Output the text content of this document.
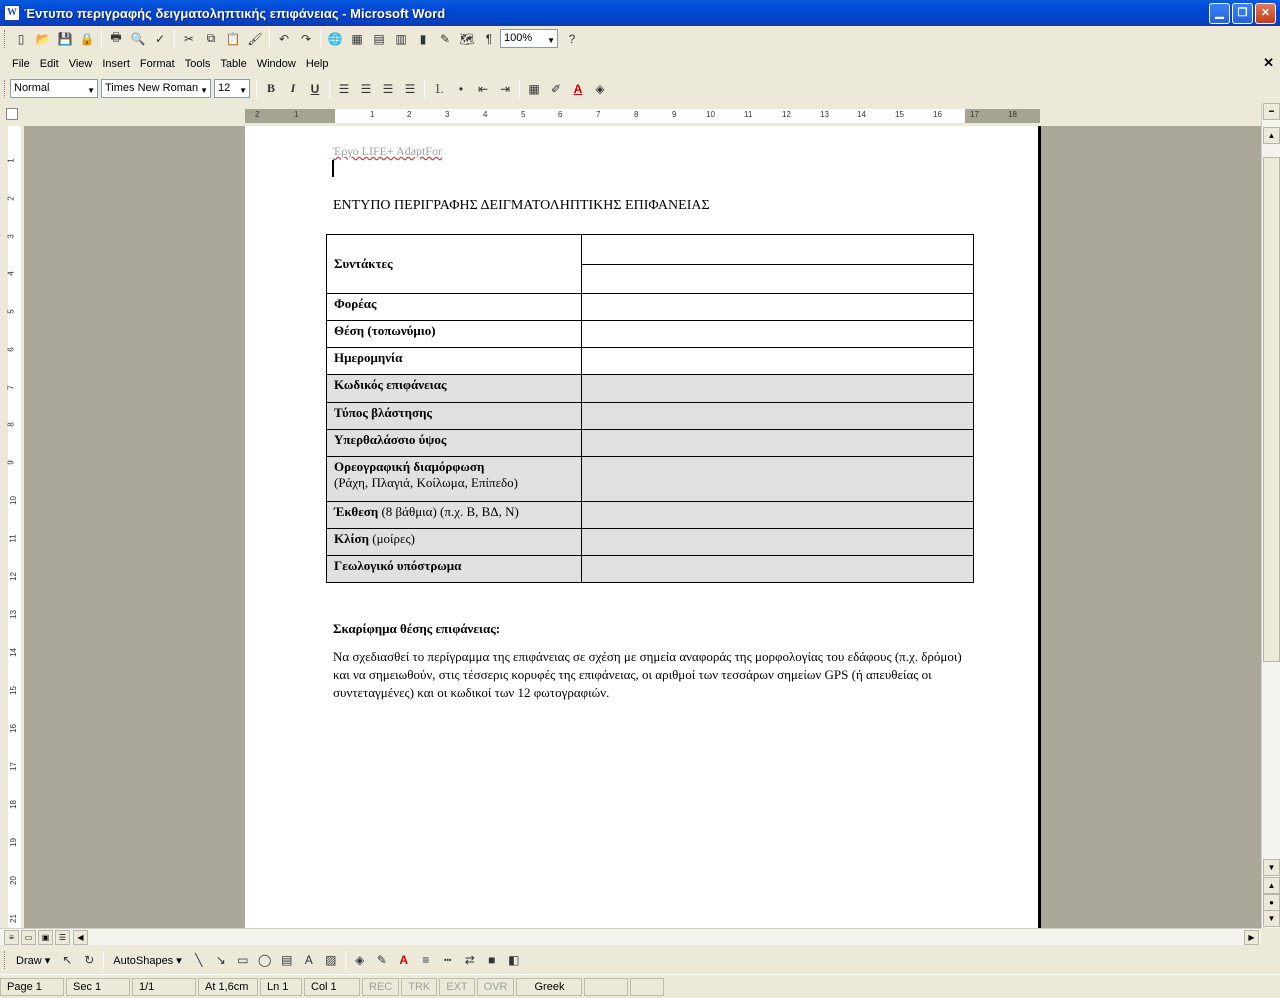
W Έντυπο περιγραφής δειγματοληπτικής επιφάνειας - Microsoft Word	▁	❐	✕
▯ 📂 💾 🔒	🖶 🔍 ✓	✂	⧉ 📋 🖌	↶ ↷	🌐 ▦ ▤ ▥	▮	✎ 🗺 ¶	100% ▼	?
File Edit View Insert Format Tools Table Window Help	✕
Normal	▼ Times New Roman ▼ 12 ▼	B	I	U	☰ ☰ ☰ ☰	⒈	•	⇤ ⇥	▦ ✐	A	◈
2	1	1	2	3	4	5	6	7	8	9	10	11	12	13	14	15	16	17	18
1
2
3
4
5
6
7
8
9
10
11
12
13
14
15
16
17
18
19
20
21
Έργο LIFE+ AdaptFor
ΕΝΤΥΠΟ ΠΕΡΙΓΡΑΦΗΣ ΔΕΙΓΜΑΤΟΛΗΠΤΙΚΗΣ ΕΠΙΦΑΝΕΙΑΣ
Συντάκτες	

Φορέας	
Θέση (τοπωνύμιο)	
Ημερομηνία	
Κωδικός επιφάνειας	
Τύπος βλάστησης	
Υπερθαλάσσιο ύψος	
Ορεογραφική διαμόρφωση
(Ράχη, Πλαγιά, Κοίλωμα, Επίπεδο)	
Έκθεση (8 βάθμια) (π.χ. Β, ΒΔ, Ν)	
Κλίση (μοίρες)	
Γεωλογικό υπόστρωμα	
Σκαρίφημα θέσης επιφάνειας:
Να σχεδιασθεί το περίγραμμα της επιφάνειας σε σχέση με σημεία αναφοράς της μορφολογίας του εδάφους (π.χ. δρόμοι) και να σημειωθούν, στις τέσσερις κορυφές της επιφάνειας, οι αριθμοί των τεσσάρων σημείων GPS (ή απευθείας οι συντεταγμένες) και οι κωδικοί των 12 φωτογραφιών.
━
▲
▼
▲
●
▼
≡	▭	▣	☰	◀	▶
Draw ▾ ↖ ↻	AutoShapes ▾	╲	↘ ▭ ◯ ▤	A	▨	◈	✎	A	≡	┅	⇄	■	◧
Page 1	Sec 1	1/1	At 1,6cm	Ln 1	Col 1	REC	TRK	EXT	OVR	Greek
